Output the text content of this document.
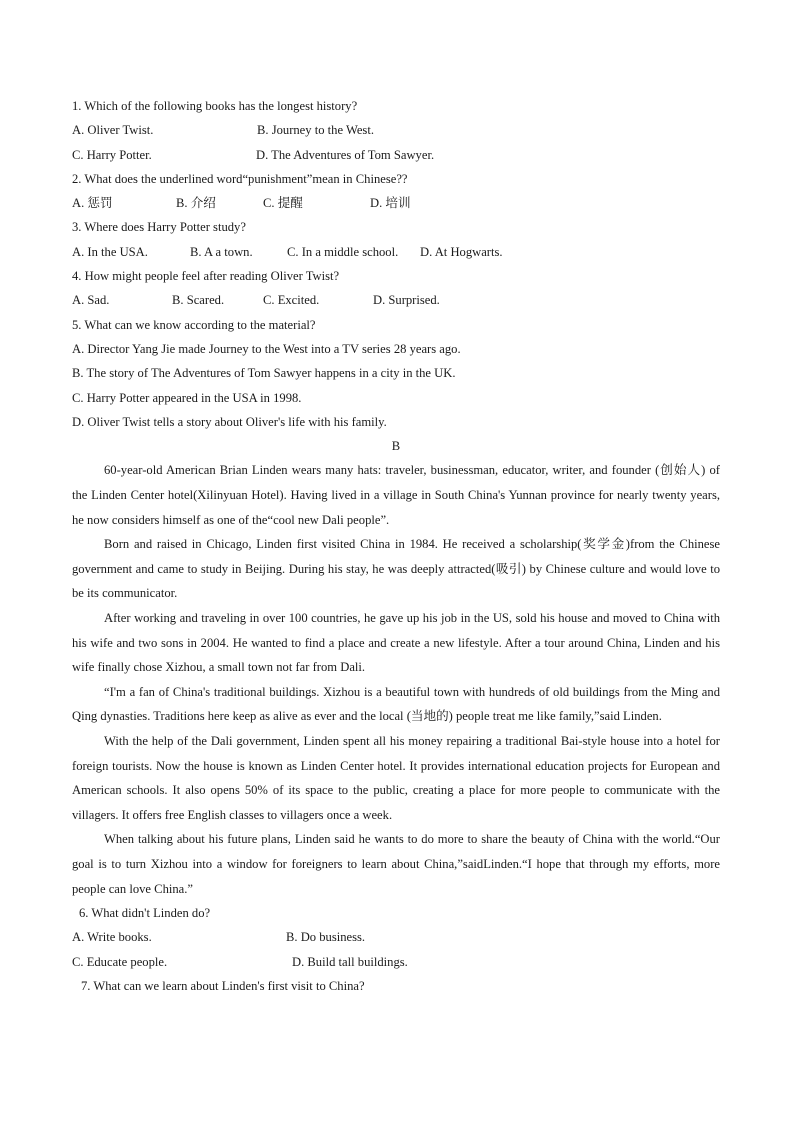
1. Which of the following books has the longest history?
A. Oliver Twist.	B. Journey to the West.
C. Harry Potter.	D. The Adventures of Tom Sawyer.
2. What does the underlined word“punishment”mean in Chinese??
A. 惩罚	B. 介绍	C. 提醒	D. 培训
3. Where does Harry Potter study?
A. In the USA.	B. A a town.	C. In a middle school. D. At Hogwarts.
4. How might people feel after reading Oliver Twist?
A. Sad.	B. Scared.	C. Excited.	D. Surprised.
5. What can we know according to the material?
A. Director Yang Jie made Journey to the West into a TV series 28 years ago.
B. The story of The Adventures of Tom Sawyer happens in a city in the UK.
C. Harry Potter appeared in the USA in 1998.
D. Oliver Twist tells a story about Oliver's life with his family.
B

60-year-old American Brian Linden wears many hats: traveler, businessman, educator, writer, and founder (创始人) of the Linden Center hotel(Xilinyuan Hotel). Having lived in a village in South China's Yunnan province for nearly twenty years, he now considers himself as one of the“cool new Dali people”.

Born and raised in Chicago, Linden first visited China in 1984. He received a scholarship(奖学金)from the Chinese government and came to study in Beijing. During his stay, he was deeply attracted(吸引) by Chinese culture and would love to be its communicator.

After working and traveling in over 100 countries, he gave up his job in the US, sold his house and moved to China with his wife and two sons in 2004. He wanted to find a place and create a new lifestyle. After a tour around China, Linden and his wife finally chose Xizhou, a small town not far from Dali.

“I'm a fan of China's traditional buildings. Xizhou is a beautiful town with hundreds of old buildings from the Ming and Qing dynasties. Traditions here keep as alive as ever and the local (当地的) people treat me like family,”said Linden.

With the help of the Dali government, Linden spent all his money repairing a traditional Bai-style house into a hotel for foreign tourists. Now the house is known as Linden Center hotel. It provides international education projects for European and American schools. It also opens 50% of its space to the public, creating a place for more people to communicate with the villagers. It offers free English classes to villagers once a week.

When talking about his future plans, Linden said he wants to do more to share the beauty of China with the world.“Our goal is to turn Xizhou into a window for foreigners to learn about China,”saidLinden.“I hope that through my efforts, more people can love China.”

6. What didn't Linden do?
A. Write books.	B. Do business.
C. Educate people.	D. Build tall buildings.
7. What can we learn about Linden's first visit to China?
